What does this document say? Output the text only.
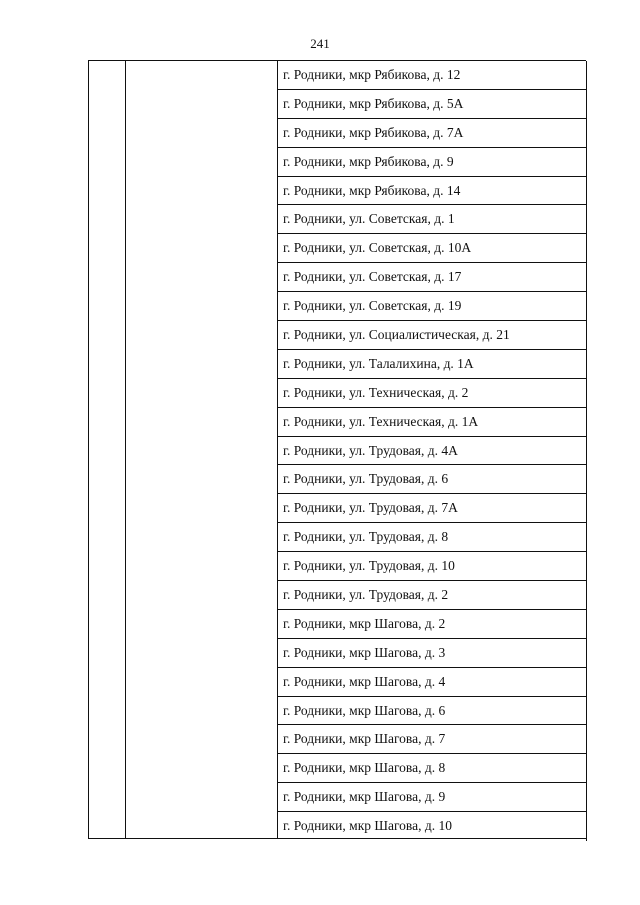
241
г. Родники, мкр Рябикова, д. 12
г. Родники, мкр Рябикова, д. 5А
г. Родники, мкр Рябикова, д. 7А
г. Родники, мкр Рябикова, д. 9
г. Родники, мкр Рябикова, д. 14
г. Родники, ул. Советская, д. 1
г. Родники, ул. Советская, д. 10А
г. Родники, ул. Советская, д. 17
г. Родники, ул. Советская, д. 19
г. Родники, ул. Социалистическая, д. 21
г. Родники, ул. Талалихина, д. 1А
г. Родники, ул. Техническая, д. 2
г. Родники, ул. Техническая, д. 1А
г. Родники, ул. Трудовая, д. 4А
г. Родники, ул. Трудовая, д. 6
г. Родники, ул. Трудовая, д. 7А
г. Родники, ул. Трудовая, д. 8
г. Родники, ул. Трудовая, д. 10
г. Родники, ул. Трудовая, д. 2
г. Родники, мкр Шагова, д. 2
г. Родники, мкр Шагова, д. 3
г. Родники, мкр Шагова, д. 4
г. Родники, мкр Шагова, д. 6
г. Родники, мкр Шагова, д. 7
г. Родники, мкр Шагова, д. 8
г. Родники, мкр Шагова, д. 9
г. Родники, мкр Шагова, д. 10
